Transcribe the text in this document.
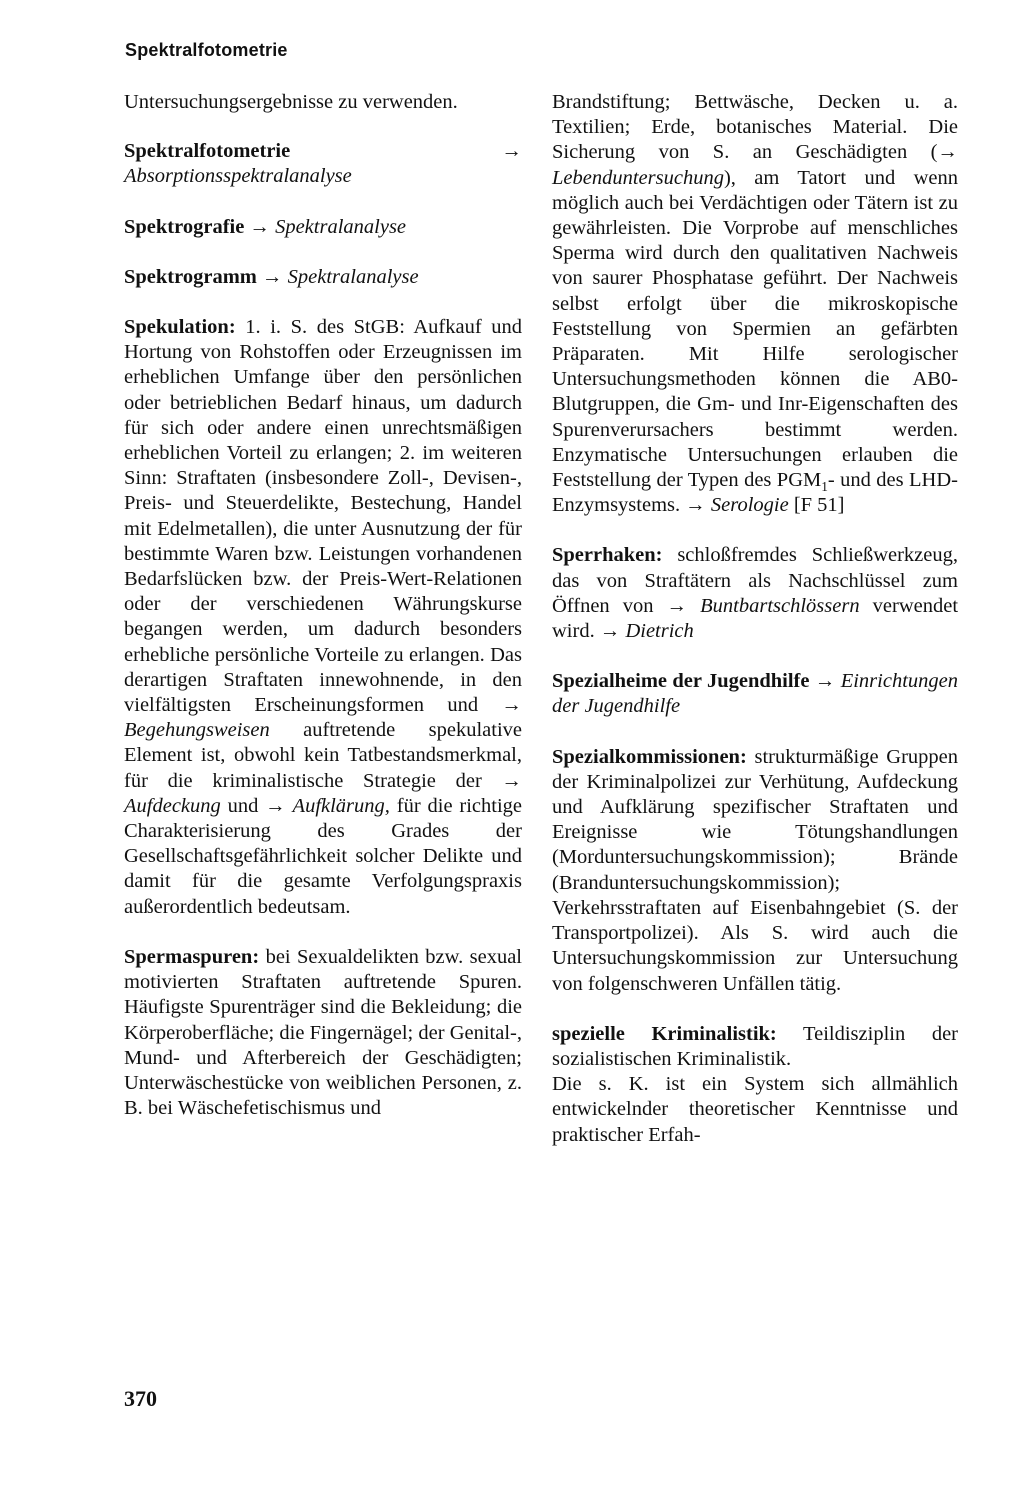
Spektralfotometrie

Untersuchungsergebnisse zu verwenden.

Spektralfotometrie	→ Absorptionsspektralanalyse

Spektrografie → Spektralanalyse

Spektrogramm → Spektralanalyse

Spekulation: 1. i. S. des StGB: Aufkauf und Hortung von Rohstoffen oder Erzeugnissen im erheblichen Umfange über den persönlichen oder betrieblichen Bedarf hinaus, um dadurch für sich oder andere einen unrechtsmäßigen erheblichen Vorteil zu erlangen; 2. im weiteren Sinn: Straftaten (insbesondere Zoll-, Devisen-, Preis- und Steuerdelikte, Bestechung, Handel mit Edelmetallen), die unter Ausnutzung der für bestimmte Waren bzw. Leistungen vorhandenen Bedarfslücken bzw. der Preis-Wert-Relationen oder der verschiedenen Währungskurse begangen werden, um dadurch besonders erhebliche persönliche Vorteile zu erlangen. Das derartigen Straftaten innewohnende, in den vielfältigsten Erscheinungsformen und → Begehungsweisen auftretende spekulative Element ist, obwohl kein Tatbestandsmerkmal, für die kriminalistische Strategie der → Aufdeckung und → Aufklärung, für die richtige Charakterisierung des Grades der Gesellschaftsgefährlichkeit solcher Delikte und damit für die gesamte Verfolgungspraxis außerordentlich bedeutsam.

Spermaspuren: bei Sexualdelikten bzw. sexual motivierten Straftaten auftretende Spuren. Häufigste Spurenträger sind die Bekleidung; die Körperoberfläche; die Fingernägel; der Genital-, Mund- und Afterbereich der Geschädigten; Unterwäschestücke von weiblichen Personen, z. B. bei Wäschefetischismus und

Brandstiftung; Bettwäsche, Decken u. a. Textilien; Erde, botanisches Material. Die Sicherung von S. an Geschädigten (→ Lebenduntersuchung), am Tatort und wenn möglich auch bei Verdächtigen oder Tätern ist zu gewährleisten. Die Vorprobe auf menschliches Sperma wird durch den qualitativen Nachweis von saurer Phosphatase geführt. Der Nachweis selbst erfolgt über die mikroskopische Feststellung von Spermien an gefärbten Präparaten. Mit Hilfe serologischer Untersuchungsmethoden können die AB0-Blutgruppen, die Gm- und Inr-Eigenschaften des Spurenverursachers bestimmt werden. Enzymatische Untersuchungen erlauben die Feststellung der Typen des $PGM_1-$ und des LHD-Enzymsystems. → Serologie [F 51]

Sperrhaken: schloßfremdes Schließwerkzeug, das von Straftätern als Nachschlüssel zum Öffnen von → Buntbartschlössern verwendet wird. → Dietrich

Spezialheime der Jugendhilfe → Einrichtungen der Jugendhilfe

Spezialkommissionen: strukturmäßige Gruppen der Kriminalpolizei zur Verhütung, Aufdeckung und Aufklärung spezifischer Straftaten und Ereignisse wie Tötungshandlungen (Morduntersuchungskommission); Brände (Branduntersuchungskommission); Verkehrsstraftaten auf Eisenbahngebiet (S. der Transportpolizei). Als S. wird auch die Untersuchungskommission zur Untersuchung von folgenschweren Unfällen tätig.

spezielle Kriminalistik: Teildisziplin der sozialistischen Kriminalistik.
Die s. K. ist ein System sich allmählich entwickelnder theoretischer Kenntnisse und praktischer Erfah-

370
